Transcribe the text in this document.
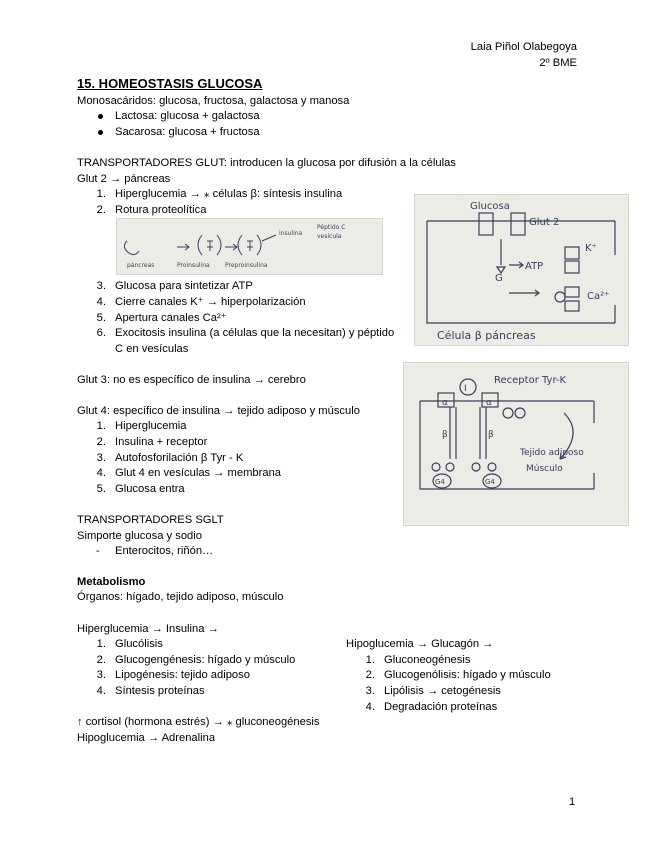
Laia Piñol Olabegoya
2º BME
15. HOMEOSTASIS GLUCOSA
Monosacáridos: glucosa, fructosa, galactosa y manosa
Lactosa: glucosa + galactosa
Sacarosa: glucosa + fructosa
TRANSPORTADORES GLUT: introducen la glucosa por difusión a la células
Glut 2 → páncreas
1. Hiperglucemia → ⁎ células β: síntesis insulina
2. Rotura proteolítica
páncreas	Proinsulina	Preproinsulina
insulina
Péptido C
vesícula
3. Glucosa para sintetizar ATP
4. Cierre canales K⁺ → hiperpolarización
5. Apertura canales Ca²⁺
6. Exocitosis insulina (a células que la necesitan) y péptido
C en vesículas
Glucosa
Glut 2
G
ATP
K⁺
Ca²⁺
Célula β páncreas
Glut 3: no es específico de insulina → cerebro
Glut 4: específico de insulina → tejido adiposo y músculo
1. Hiperglucemia
2. Insulina + receptor
3. Autofosforilación β Tyr - K
4. Glut 4 en vesículas → membrana
5. Glucosa entra
Receptor Tyr-K
I
α	α
β	β
Tejido adiposo
Músculo
G4	G4
TRANSPORTADORES SGLT
Simporte glucosa y sodio
- Enterocitos, riñón…
Metabolismo
Órganos: hígado, tejido adiposo, músculo
Hiperglucemia → Insulina →
1. Glucólisis
2. Glucogengénesis: hígado y músculo
3. Lipogénesis: tejido adiposo
4. Síntesis proteínas
Hipoglucemia → Glucagón →
1. Gluconeogénesis
2. Glucogenólisis: hígado y músculo
3. Lipólisis → cetogénesis
4. Degradación proteínas
↑ cortisol (hormona estrés) → ⁎ gluconeogénesis
Hipoglucemia → Adrenalina
1
